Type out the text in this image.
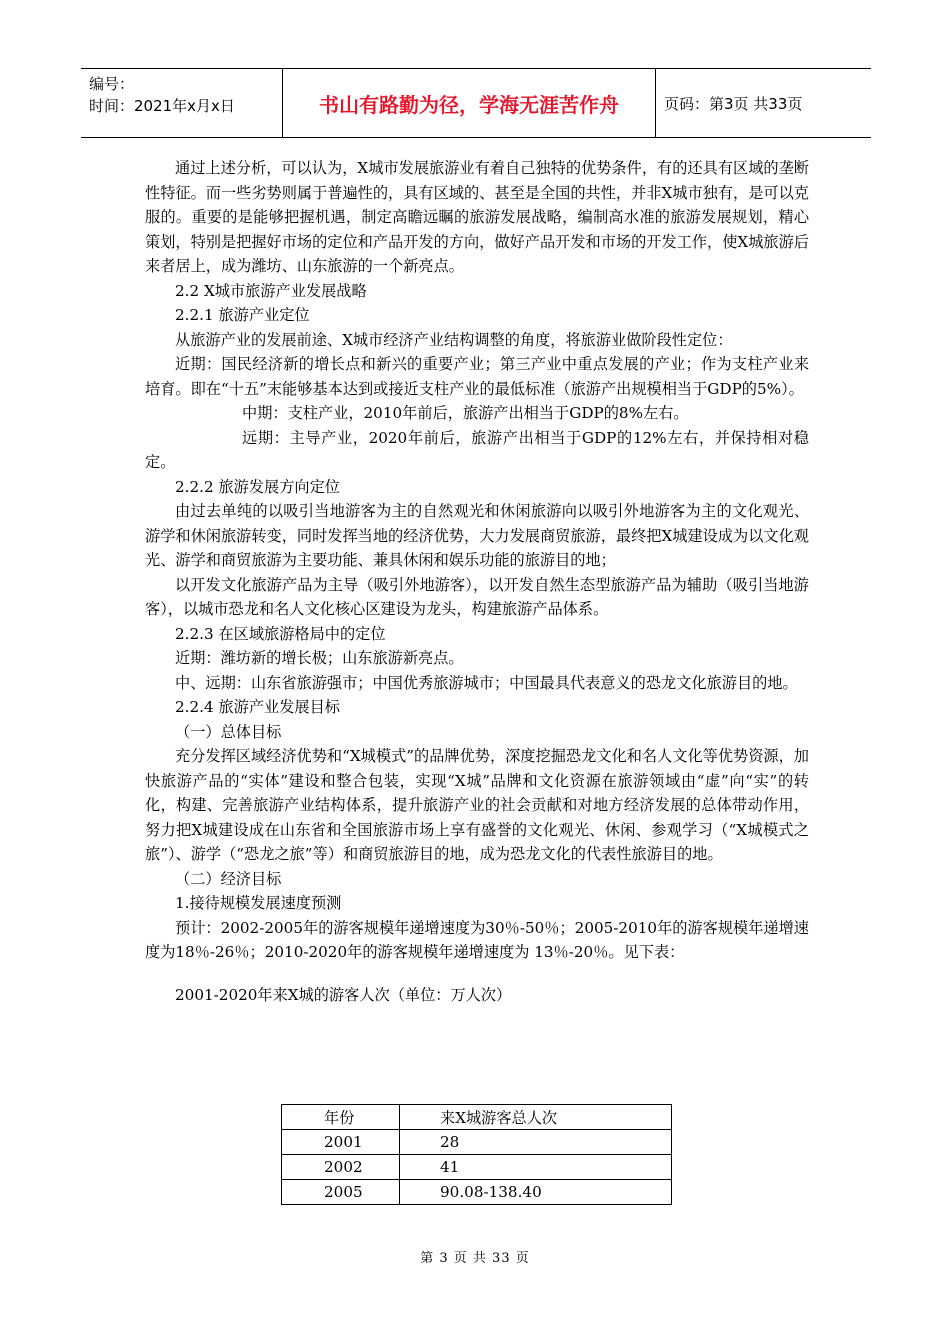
编号：
时间：2021年x月x日	书山有路勤为径，学海无涯苦作舟	页码：第3页 共33页

通过上述分析，可以认为，X城市发展旅游业有着自己独特的优势条件，有的还具有区域的垄断性特征。而一些劣势则属于普遍性的，具有区域的、甚至是全国的共性，并非X城市独有，是可以克服的。重要的是能够把握机遇，制定高瞻远瞩的旅游发展战略，编制高水准的旅游发展规划，精心策划，特别是把握好市场的定位和产品开发的方向，做好产品开发和市场的开发工作，使X城旅游后来者居上，成为潍坊、山东旅游的一个新亮点。

2.2 X城市旅游产业发展战略

2.2.1 旅游产业定位

从旅游产业的发展前途、X城市经济产业结构调整的角度，将旅游业做阶段性定位：

近期：国民经济新的增长点和新兴的重要产业；第三产业中重点发展的产业；作为支柱产业来培育。即在“十五”末能够基本达到或接近支柱产业的最低标准（旅游产出规模相当于GDP的5%）。

中期：支柱产业，2010年前后，旅游产出相当于GDP的8%左右。

远期：主导产业，2020年前后，旅游产出相当于GDP的12%左右，并保持相对稳定。

2.2.2 旅游发展方向定位

由过去单纯的以吸引当地游客为主的自然观光和休闲旅游向以吸引外地游客为主的文化观光、游学和休闲旅游转变，同时发挥当地的经济优势，大力发展商贸旅游，最终把X城建设成为以文化观光、游学和商贸旅游为主要功能、兼具休闲和娱乐功能的旅游目的地；

以开发文化旅游产品为主导（吸引外地游客），以开发自然生态型旅游产品为辅助（吸引当地游客），以城市恐龙和名人文化核心区建设为龙头，构建旅游产品体系。

2.2.3 在区域旅游格局中的定位

近期：潍坊新的增长极；山东旅游新亮点。

中、远期：山东省旅游强市；中国优秀旅游城市；中国最具代表意义的恐龙文化旅游目的地。

2.2.4 旅游产业发展目标

（一）总体目标

充分发挥区域经济优势和“X城模式”的品牌优势，深度挖掘恐龙文化和名人文化等优势资源，加快旅游产品的“实体”建设和整合包装，实现“X城”品牌和文化资源在旅游领域由“虚”向“实”的转化，构建、完善旅游产业结构体系，提升旅游产业的社会贡献和对地方经济发展的总体带动作用，努力把X城建设成在山东省和全国旅游市场上享有盛誉的文化观光、休闲、参观学习（“X城模式之旅”）、游学（“恐龙之旅”等）和商贸旅游目的地，成为恐龙文化的代表性旅游目的地。

（二）经济目标

1.接待规模发展速度预测

预计：2002-2005年的游客规模年递增速度为30％-50％；2005-2010年的游客规模年递增速度为18％-26％；2010-2020年的游客规模年递增速度为 13％-20％。见下表：

2001-2020年来X城的游客人次（单位：万人次）

年份	来X城游客总人次
2001	28
2002	41
2005	90.08-138.40
第 3 页 共 33 页
